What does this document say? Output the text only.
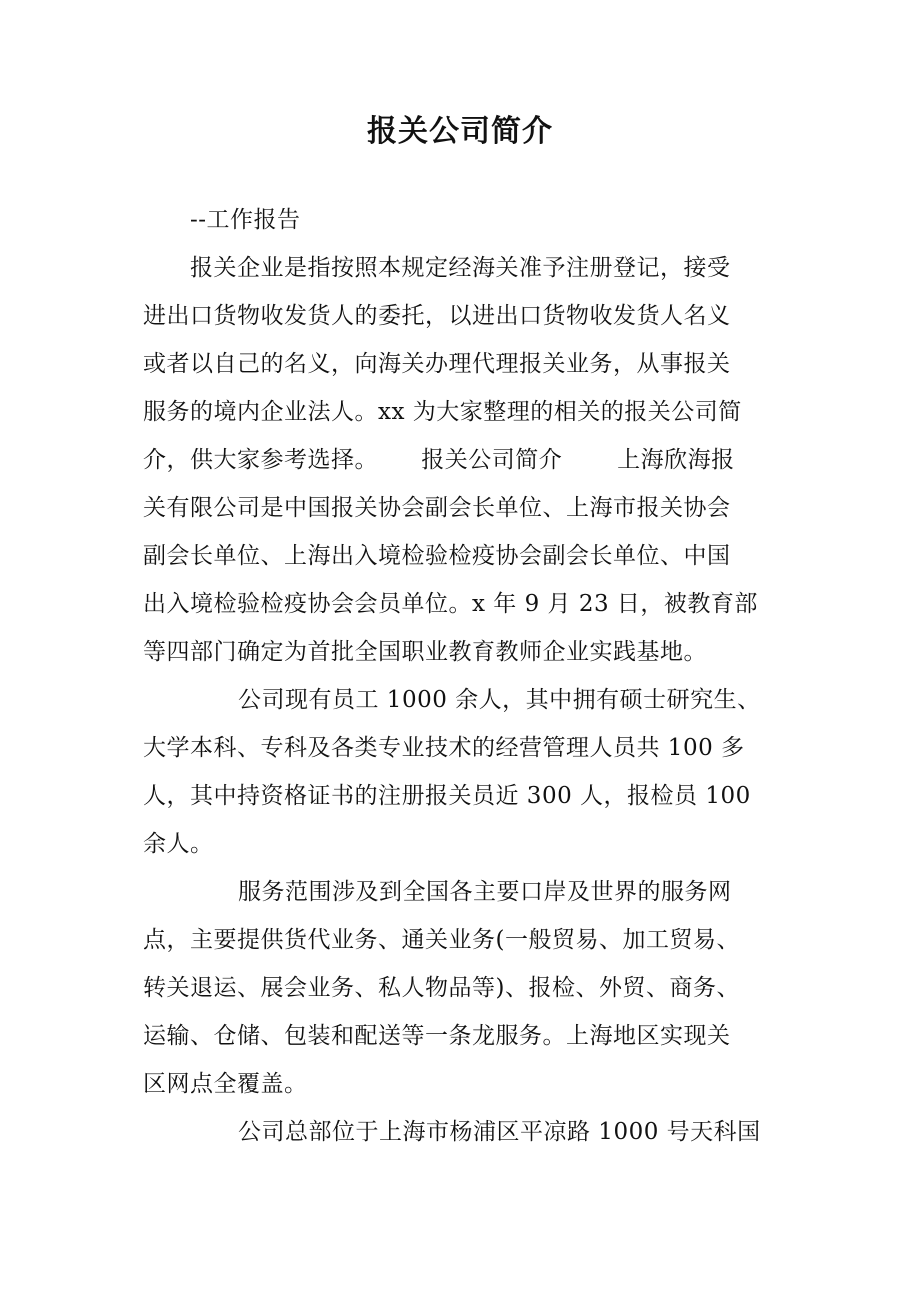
报关公司简介
--工作报告
报关企业是指按照本规定经海关准予注册登记，接受
进出口货物收发货人的委托，以进出口货物收发货人名义
或者以自己的名义，向海关办理代理报关业务，从事报关
服务的境内企业法人。xx 为大家整理的相关的报关公司简
介，供大家参考选择。　　 报关公司简介　　 上海欣海报
关有限公司是中国报关协会副会长单位、上海市报关协会
副会长单位、上海出入境检验检疫协会副会长单位、中国
出入境检验检疫协会会员单位。x 年 9 月 23 日，被教育部
等四部门确定为首批全国职业教育教师企业实践基地。
公司现有员工 1000 余人，其中拥有硕士研究生、
大学本科、专科及各类专业技术的经营管理人员共 100 多
人，其中持资格证书的注册报关员近 300 人，报检员 100
余人。
服务范围涉及到全国各主要口岸及世界的服务网
点，主要提供货代业务、通关业务(一般贸易、加工贸易、
转关退运、展会业务、私人物品等)、报检、外贸、商务、
运输、仓储、包装和配送等一条龙服务。上海地区实现关
区网点全覆盖。
公司总部位于上海市杨浦区平凉路 1000 号天科国
